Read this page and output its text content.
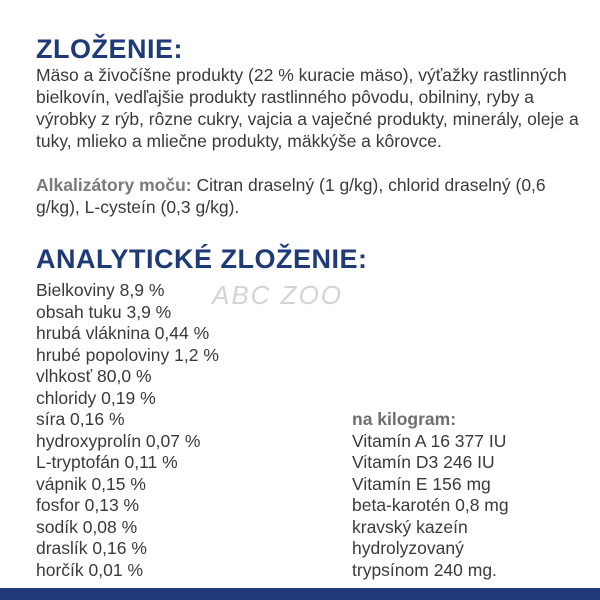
ZLOŽENIE:

Mäso a živočíšne produkty (22 % kuracie mäso), výťažky rastlinných bielkovín, vedľajšie produkty rastlinného pôvodu, obilniny, ryby a výrobky z rýb, rôzne cukry, vajcia a vaječné produkty, minerály, oleje a tuky, mlieko a mliečne produkty, mäkkýše a kôrovce.

Alkalizátory moču: Citran draselný (1 g/kg), chlorid draselný (0,6 g/kg), L-cysteín (0,3 g/kg).

ANALYTICKÉ ZLOŽENIE:
ABC ZOO
Bielkoviny 8,9 %
obsah tuku 3,9 %
hrubá vláknina 0,44 %
hrubé popoloviny 1,2 %
vlhkosť 80,0 %
chloridy 0,19 %
síra 0,16 %
hydroxyprolín 0,07 %
L-tryptofán 0,11 %
vápnik 0,15 %
fosfor 0,13 %
sodík 0,08 %
draslík 0,16 %
horčík 0,01 %
na kilogram:
Vitamín A 16 377 IU
Vitamín D3 246 IU
Vitamín E 156 mg
beta-karotén 0,8 mg
kravský kazeín
hydrolyzovaný
trypsínom 240 mg.
